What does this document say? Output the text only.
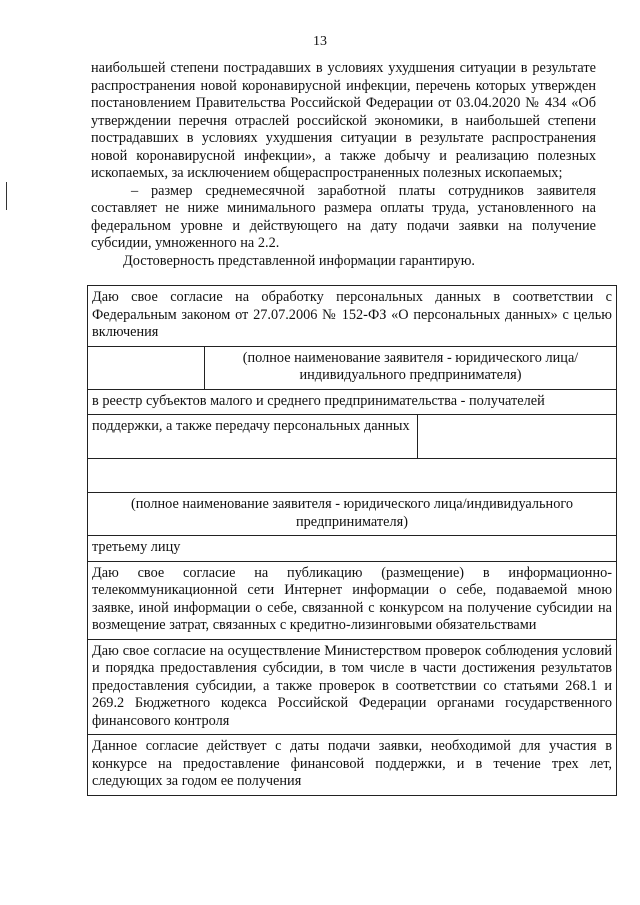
13

наибольшей степени пострадавших в условиях ухудшения ситуации в результате распространения новой коронавирусной инфекции, перечень которых утвержден постановлением Правительства Российской Федерации от 03.04.2020 № 434 «Об утверждении перечня отраслей российской экономики, в наибольшей степени пострадавших в условиях ухудшения ситуации в результате распространения новой коронавирусной инфекции», а также добычу и реализацию полезных ископаемых, за исключением общераспространенных полезных ископаемых;

– размер среднемесячной заработной платы сотрудников заявителя составляет не ниже минимального размера оплаты труда, установленного на федеральном уровне и действующего на дату подачи заявки на получение субсидии, умноженного на 2.2.

Достоверность представленной информации гарантирую.

Даю свое согласие на обработку персональных данных в соответствии с Федеральным законом от 27.07.2006 № 152-ФЗ «О персональных данных» с целью включения		
	(полное наименование заявителя - юридического лица/индивидуального предпринимателя)	
в реестр субъектов малого и среднего предпринимательства - получателей		
поддержки, а также передачу персональных данных		

(полное наименование заявителя - юридического лица/индивидуального предпринимателя)		
третьему лицу		
Даю свое согласие на публикацию (размещение) в информационно-телекоммуникационной сети Интернет информации о себе, подаваемой мною заявке, иной информации о себе, связанной с конкурсом на получение субсидии на возмещение затрат, связанных с кредитно-лизинговыми обязательствами		
Даю свое согласие на осуществление Министерством проверок соблюдения условий и порядка предоставления субсидии, в том числе в части достижения результатов предоставления субсидии, а также проверок в соответствии со статьями 268.1 и 269.2 Бюджетного кодекса Российской Федерации органами государственного финансового контроля		
Данное согласие действует с даты подачи заявки, необходимой для участия в конкурсе на предоставление финансовой поддержки, и в течение трех лет, следующих за годом ее получения		
